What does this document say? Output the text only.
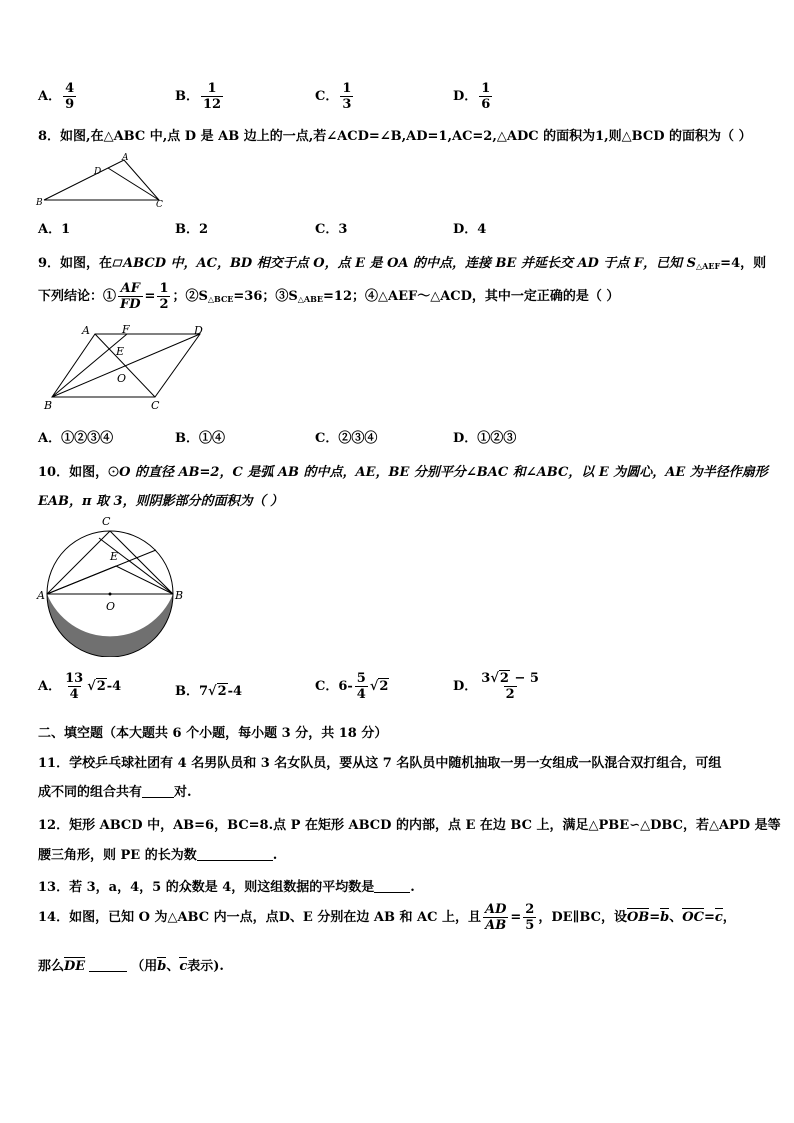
A． $\frac{4}{9}$	B． $\frac{1}{12}$	C． $\frac{1}{3}$	D． $\frac{1}{6}$
8．如图,在△ABC 中,点 D 是 AB 边上的一点,若∠ACD=∠B,AD=1,AC=2,△ADC 的面积为1,则△BCD 的面积为（ ）
D
A
B	C
A．1	B．2	C．3	D．4
9．如图，在 ABCD 中，AC，BD 相交于点 O，点 E 是 OA 的中点，连接 BE 并延长交 AD 于点 F，已知 $S_{\triangle AEF}=4$，则
下列结论：① $\frac{AF}{FD} = \frac{1}{2}$ ；$②S_{\triangle BCE}=36$；$③S_{\triangle ABE}=12$；④△AEF～△ACD，其中一定正确的是（ ）
A	F	D
E
O
B	C
A．①②③④	B．①④	C．②③④	D．①②③
10．如图， O 的直径 AB=2，C 是弧 AB 的中点，AE，BE 分别平分∠BAC 和∠ABC，以 E 为圆心，AE 为半径作扇形
EAB，π 取 3，则阴影部分的面积为（ ）
C
E
A	B
O
A． $\frac{13}{4} √2-4$	B．7√2-4	C．$6- \frac{5}{4} √2$	D． $\frac{3√2 - 5}{2}$
二、填空题（本大题共 6 个小题，每小题 3 分，共 18 分）
11．学校乒乓球社团有 4 名男队员和 3 名女队员，要从这 7 名队员中随机抽取一男一女组成一队混合双打组合，可组
成不同的组合共有 对.
12．矩形 ABCD 中，AB=6，BC=8.点 P 在矩形 ABCD 的内部，点 E 在边 BC 上，满足△PBE∽△DBC，若△APD 是等
腰三角形，则 PE 的长为数	.
13．若 3，a，4，5 的众数是 4，则这组数据的平均数是	.
14．如图，已知 O 为△ABC 内一点，点D、E 分别在边 AB 和 AC 上，且 $\frac{AD}{AB} = \frac{2}{5}$ ，DE∥BC，设OB=b、OC=c，
那么DE	（用b、c表示).
